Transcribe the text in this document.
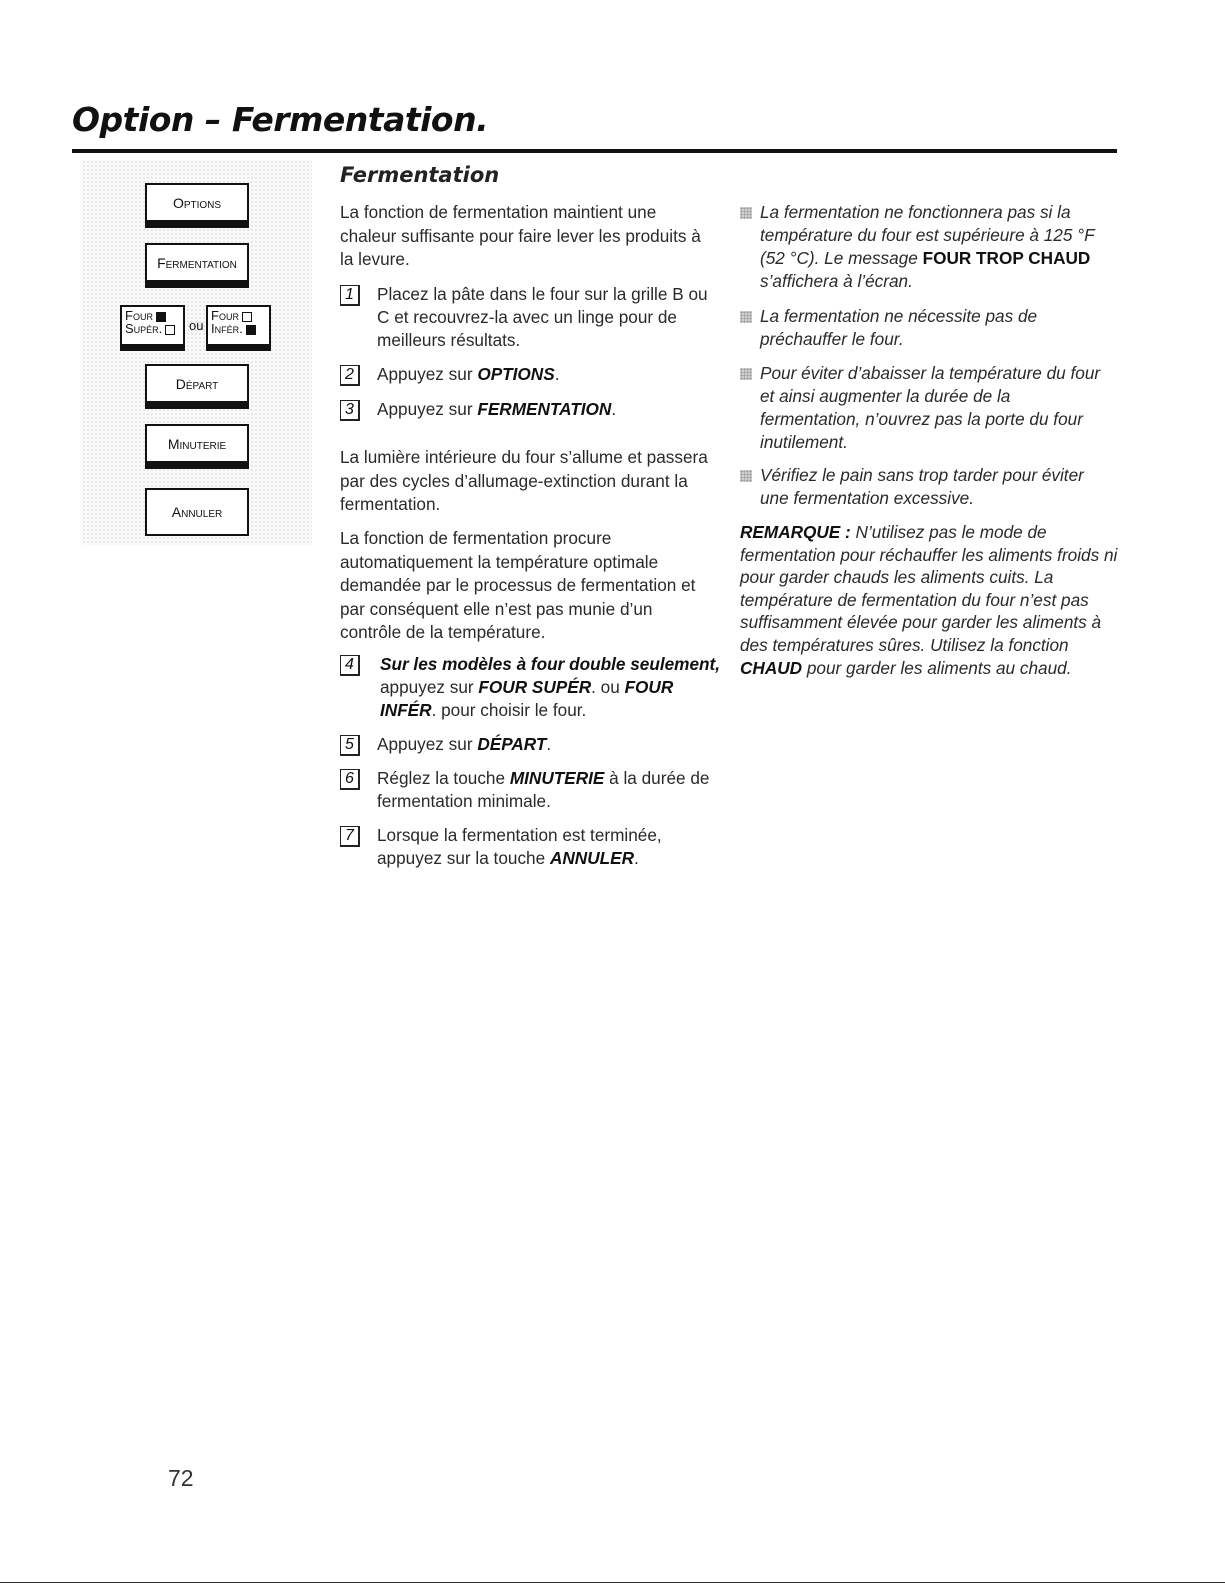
Option – Fermentation.
Options
Fermentation
Four
Supér.	ou
Four
Infér.
Départ
Minuterie
Annuler
Fermentation
La fonction de fermentation maintient une chaleur suffisante pour faire lever les produits à la levure.
1	Placez la pâte dans le four sur la grille B ou C et recouvrez-la avec un linge pour de meilleurs résultats.
2	Appuyez sur OPTIONS.
3	Appuyez sur FERMENTATION.
La lumière intérieure du four s’allume et passera par des cycles d’allumage-extinction durant la fermentation.
La fonction de fermentation procure automatiquement la température optimale demandée par le processus de fermentation et par conséquent elle n’est pas munie d’un contrôle de la température.
4	Sur les modèles à four double seulement, appuyez sur FOUR SUPÉR. ou FOUR INFÉR. pour choisir le four.
5	Appuyez sur DÉPART.
6	Réglez la touche MINUTERIE à la durée de fermentation minimale.
7	Lorsque la fermentation est terminée, appuyez sur la touche ANNULER.
La fermentation ne fonctionnera pas si la température du four est supérieure à 125 °F (52 °C). Le message FOUR TROP CHAUD s’affichera à l’écran.
La fermentation ne nécessite pas de préchauffer le four.
Pour éviter d’abaisser la température du four et ainsi augmenter la durée de la fermentation, n’ouvrez pas la porte du four inutilement.
Vérifiez le pain sans trop tarder pour éviter une fermentation excessive.
REMARQUE : N’utilisez pas le mode de fermentation pour réchauffer les aliments froids ni pour garder chauds les aliments cuits. La température de fermentation du four n’est pas suffisamment élevée pour garder les aliments à des températures sûres. Utilisez la fonction CHAUD pour garder les aliments au chaud.
72
